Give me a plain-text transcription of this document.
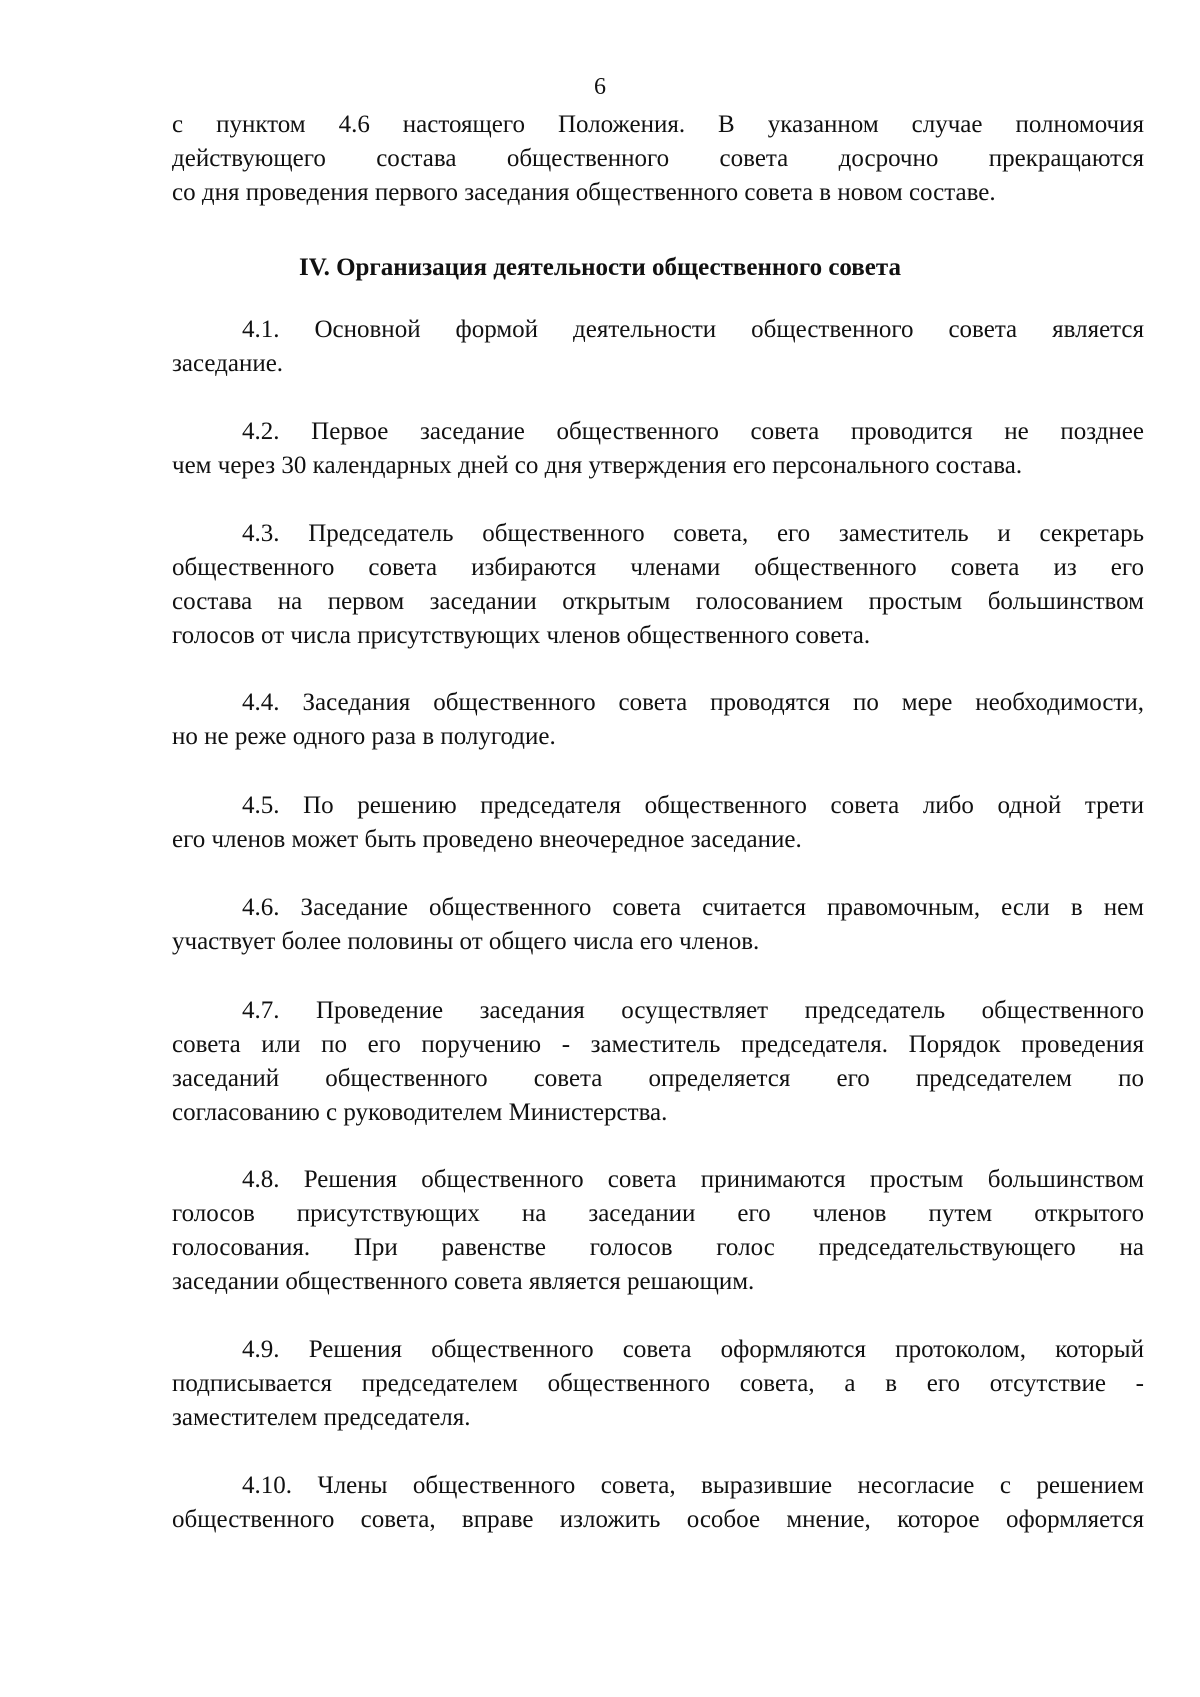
6
с пунктом 4.6 настоящего Положения. В указанном случае полномочия
действующего состава общественного совета досрочно прекращаются
со дня проведения первого заседания общественного совета в новом составе.
IV. Организация деятельности общественного совета
4.1. Основной формой деятельности общественного совета является
заседание.
4.2. Первое заседание общественного совета проводится не позднее
чем через 30 календарных дней со дня утверждения его персонального состава.
4.3. Председатель общественного совета, его заместитель и секретарь
общественного совета избираются членами общественного совета из его
состава на первом заседании открытым голосованием простым большинством
голосов от числа присутствующих членов общественного совета.
4.4. Заседания общественного совета проводятся по мере необходимости,
но не реже одного раза в полугодие.
4.5. По решению председателя общественного совета либо одной трети
его членов может быть проведено внеочередное заседание.
4.6. Заседание общественного совета считается правомочным, если в нем
участвует более половины от общего числа его членов.
4.7. Проведение заседания осуществляет председатель общественного
совета или по его поручению - заместитель председателя. Порядок проведения
заседаний общественного совета определяется его председателем по
согласованию с руководителем Министерства.
4.8. Решения общественного совета принимаются простым большинством
голосов присутствующих на заседании его членов путем открытого
голосования. При равенстве голосов голос председательствующего на
заседании общественного совета является решающим.
4.9. Решения общественного совета оформляются протоколом, который
подписывается председателем общественного совета, а в его отсутствие -
заместителем председателя.
4.10. Члены общественного совета, выразившие несогласие с решением
общественного совета, вправе изложить особое мнение, которое оформляется
